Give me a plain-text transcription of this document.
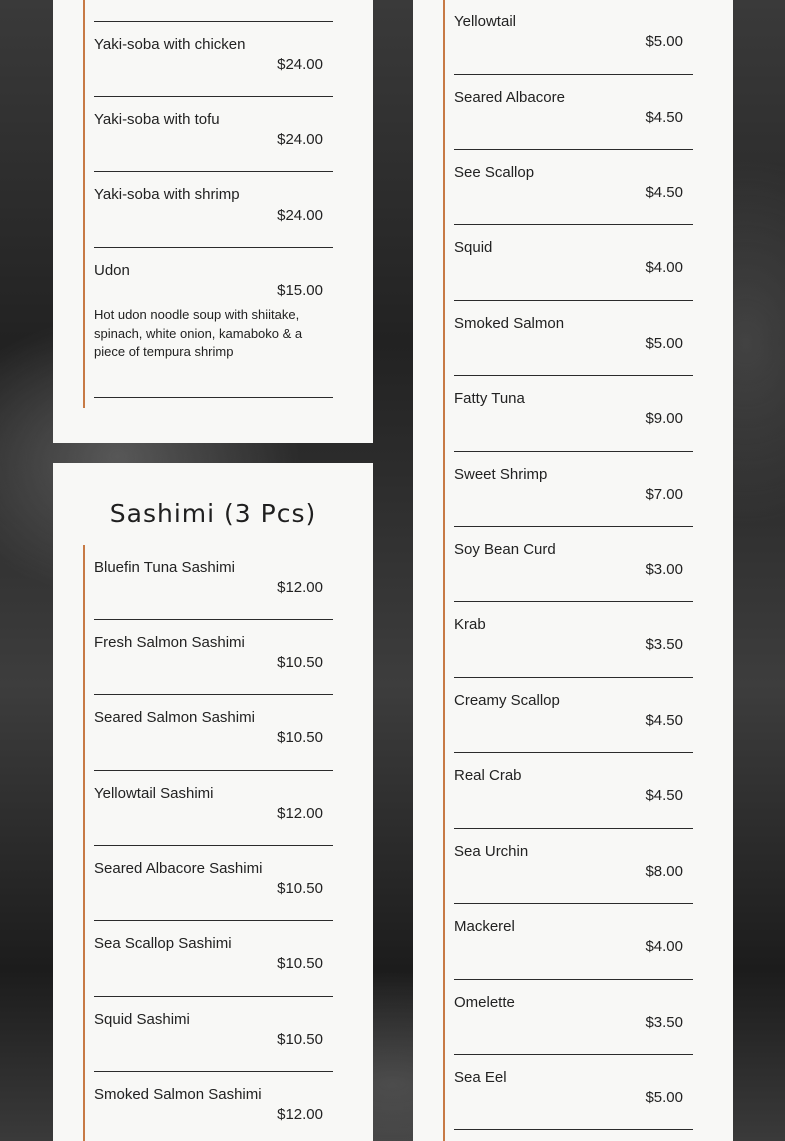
Yaki-soba with chicken
$24.00
Yaki-soba with tofu
$24.00
Yaki-soba with shrimp
$24.00
Udon
$15.00
Hot udon noodle soup with shiitake, spinach, white onion, kamaboko & a piece of tempura shrimp
Sashimi (3 Pcs)
Bluefin Tuna Sashimi
$12.00
Fresh Salmon Sashimi
$10.50
Seared Salmon Sashimi
$10.50
Yellowtail Sashimi
$12.00
Seared Albacore Sashimi
$10.50
Sea Scallop Sashimi
$10.50
Squid Sashimi
$10.50
Smoked Salmon Sashimi
$12.00
Yellowtail
$5.00
Seared Albacore
$4.50
See Scallop
$4.50
Squid
$4.00
Smoked Salmon
$5.00
Fatty Tuna
$9.00
Sweet Shrimp
$7.00
Soy Bean Curd
$3.00
Krab
$3.50
Creamy Scallop
$4.50
Real Crab
$4.50
Sea Urchin
$8.00
Mackerel
$4.00
Omelette
$3.50
Sea Eel
$5.00
